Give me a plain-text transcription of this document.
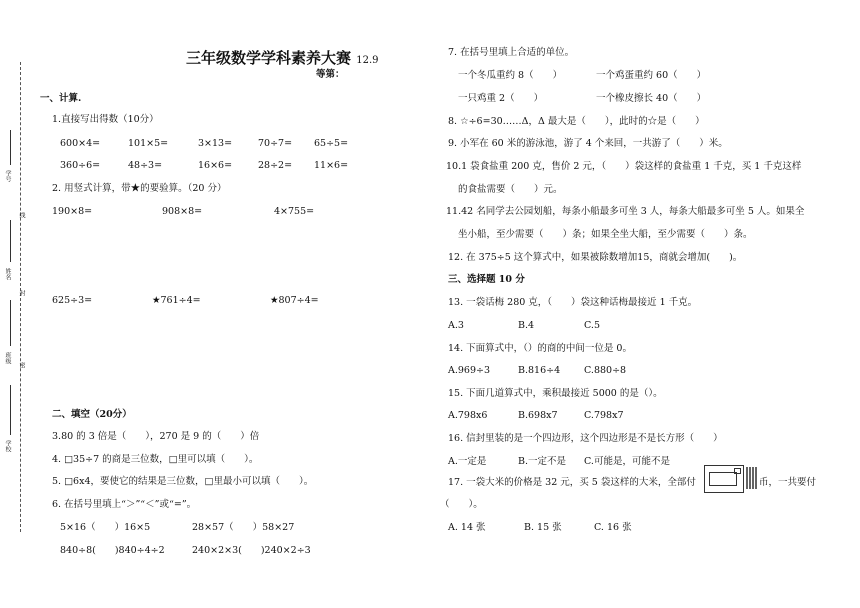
学号
线
姓名
封
班级
密
学校
三年级数学学科素养大赛 12.9
等第：
一、计算.
1.直接写出得数（10分）
600×4=	101×5=	3×13=	70÷7= 65÷5=
360÷6=	48÷3=	16×6=	28÷2= 11×6=
2. 用竖式计算，带★的要验算。（20 分）
190×8=	908×8=	4×755=
625÷3=	★761÷4=	★807÷4=
二、填空（20分）
3.80 的 3 倍是（　　），270 是 9 的（　　）倍
4. □35÷7 的商是三位数，□里可以填（　　）。
5. □6x4，要使它的结果是三位数，□里最小可以填（　　）。
6. 在括号里填上“＞”“＜”或“=”。
5×16（　　）16×5	28×57（　　）58×27
840÷8(　　)840÷4÷2	240×2×3(　　)240×2÷3
7. 在括号里填上合适的单位。
一个冬瓜重约 8（　　）	一个鸡蛋重约 60（　　）
一只鸡重 2（　　）	一个橡皮擦长 40（　　）
8. ☆÷6=30……Δ，Δ 最大是（　　），此时的☆是（　　）
9. 小军在 60 米的游泳池，游了 4 个来回，一共游了（　　）米。
10.1 袋食盐重 200 克，售价 2 元，（　　）袋这样的食盐重 1 千克，买 1 千克这样
的食盐需要（　　）元。
11.42 名同学去公园划船，每条小船最多可坐 3 人，每条大船最多可坐 5 人。如果全
坐小船，至少需要（　　）条；如果全坐大船，至少需要（　　）条。
12. 在 375÷5 这个算式中，如果被除数增加15，商就会增加(　　)。
三、选择题 10 分
13. 一袋话梅 280 克，（　　）袋这种话梅最接近 1 千克。
A.3	B.4	C.5
14. 下面算式中，（）的商的中间一位是 0。
A.969÷3	B.816÷4	C.880÷8
15. 下面几道算式中，乘积最接近 5000 的是（）。
A.798x6	B.698x7	C.798x7
16. 信封里装的是一个四边形，这个四边形是不是长方形（　　）
A.一定是	B.一定不是 C.可能是，可能不是
17. 一袋大米的价格是 32 元，买 5 袋这样的大米，全部付	币，一共要付
（　　）。
A. 14 张	B. 15 张	C. 16 张
